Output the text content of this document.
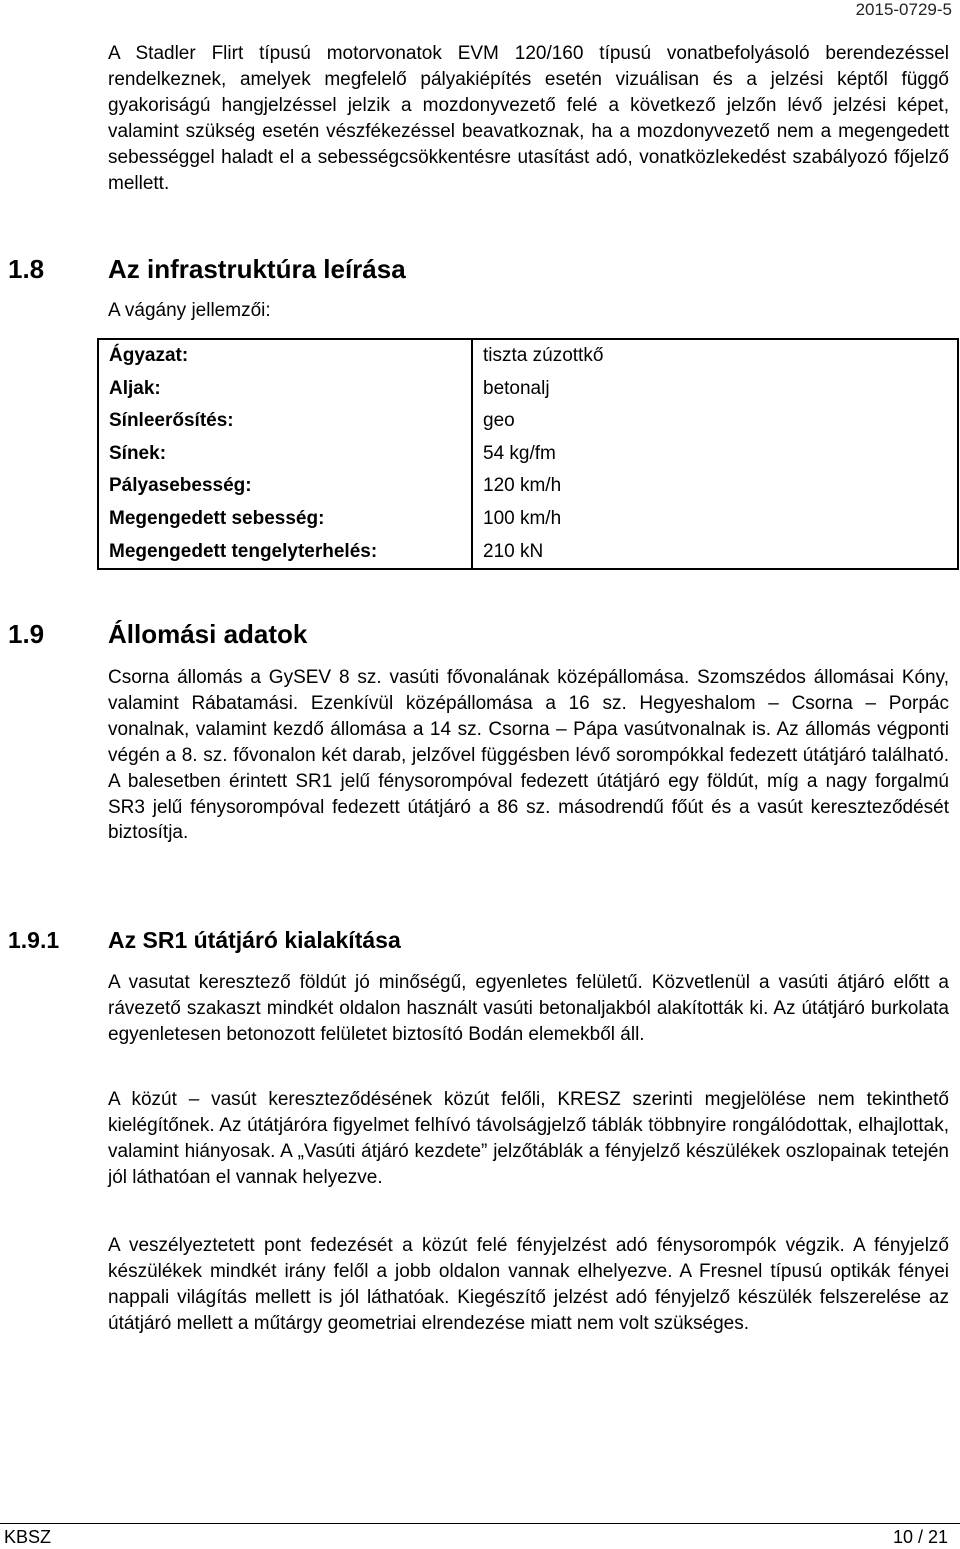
2015-0729-5

A Stadler Flirt típusú motorvonatok EVM 120/160 típusú vonatbefolyásoló berendezéssel rendelkeznek, amelyek megfelelő pályakiépítés esetén vizuálisan és a jelzési képtől függő gyakoriságú hangjelzéssel jelzik a mozdonyvezető felé a következő jelzőn lévő jelzési képet, valamint szükség esetén vészfékezéssel beavatkoznak, ha a mozdonyvezető nem a megengedett sebességgel haladt el a sebességcsökkentésre utasítást adó, vonatközlekedést szabályozó főjelző mellett.

1.8 Az infrastruktúra leírása
A vágány jellemzői:
Ágyazat:	tiszta zúzottkő
Aljak:	betonalj
Sínleerősítés:	geo
Sínek:	54 kg/fm
Pályasebesség:	120 km/h
Megengedett sebesség:	100 km/h
Megengedett tengelyterhelés:	210 kN
1.9 Állomási adatok

Csorna állomás a GySEV 8 sz. vasúti fővonalának középállomása. Szomszédos állomásai Kóny, valamint Rábatamási. Ezenkívül középállomása a 16 sz. Hegyeshalom – Csorna – Porpác vonalnak, valamint kezdő állomása a 14 sz. Csorna – Pápa vasútvonalnak is. Az állomás végponti végén a 8. sz. fővonalon két darab, jelzővel függésben lévő sorompókkal fedezett útátjáró található. A balesetben érintett SR1 jelű fénysorompóval fedezett útátjáró egy földút, míg a nagy forgalmú SR3 jelű fénysorompóval fedezett útátjáró a 86 sz. másodrendű főút és a vasút kereszteződését biztosítja.

1.9.1 Az SR1 útátjáró kialakítása

A vasutat keresztező földút jó minőségű, egyenletes felületű. Közvetlenül a vasúti átjáró előtt a rávezető szakaszt mindkét oldalon használt vasúti betonaljakból alakították ki. Az útátjáró burkolata egyenletesen betonozott felületet biztosító Bodán elemekből áll.

A közút – vasút kereszteződésének közút felőli, KRESZ szerinti megjelölése nem tekinthető kielégítőnek. Az útátjáróra figyelmet felhívó távolságjelző táblák többnyire rongálódottak, elhajlottak, valamint hiányosak. A „Vasúti átjáró kezdete” jelzőtáblák a fényjelző készülékek oszlopainak tetején jól láthatóan el vannak helyezve.

A veszélyeztetett pont fedezését a közút felé fényjelzést adó fénysorompók végzik. A fényjelző készülékek mindkét irány felől a jobb oldalon vannak elhelyezve. A Fresnel típusú optikák fényei nappali világítás mellett is jól láthatóak. Kiegészítő jelzést adó fényjelző készülék felszerelése az útátjáró mellett a műtárgy geometriai elrendezése miatt nem volt szükséges.

KBSZ	10 / 21
